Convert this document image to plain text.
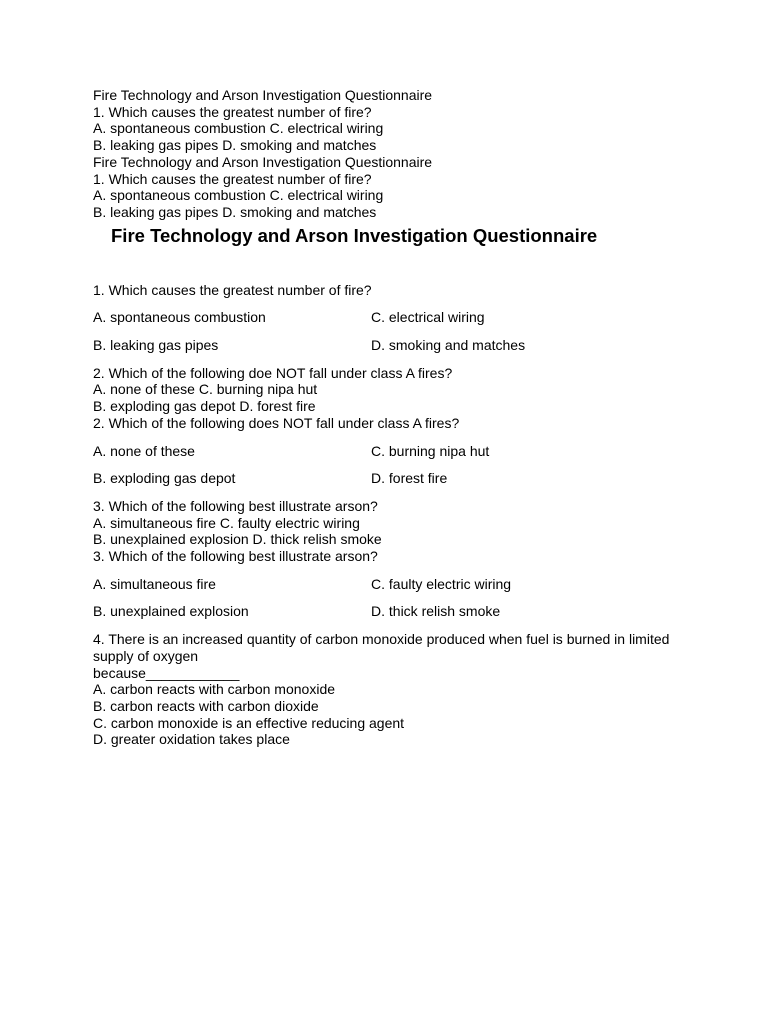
Fire Technology and Arson Investigation Questionnaire

1. Which causes the greatest number of fire?

A. spontaneous combustion C. electrical wiring

B. leaking gas pipes D. smoking and matches

Fire Technology and Arson Investigation Questionnaire

1. Which causes the greatest number of fire?

A. spontaneous combustion C. electrical wiring

B. leaking gas pipes D. smoking and matches

Fire Technology and Arson Investigation Questionnaire

1. Which causes the greatest number of fire?

A. spontaneous combustion	C. electrical wiring
B. leaking gas pipes	D. smoking and matches

2. Which of the following doe NOT fall under class A fires?

A. none of these C. burning nipa hut

B. exploding gas depot D. forest fire

2. Which of the following does NOT fall under class A fires?

A. none of these	C. burning nipa hut
B. exploding gas depot	D. forest fire

3. Which of the following best illustrate arson?

A. simultaneous fire C. faulty electric wiring

B. unexplained explosion D. thick relish smoke

3. Which of the following best illustrate arson?

A. simultaneous fire	C. faulty electric wiring
B. unexplained explosion	D. thick relish smoke

4. There is an increased quantity of carbon monoxide produced when fuel is burned in limited supply of oxygen

because____________

A. carbon reacts with carbon monoxide

B. carbon reacts with carbon dioxide

C. carbon monoxide is an effective reducing agent

D. greater oxidation takes place
